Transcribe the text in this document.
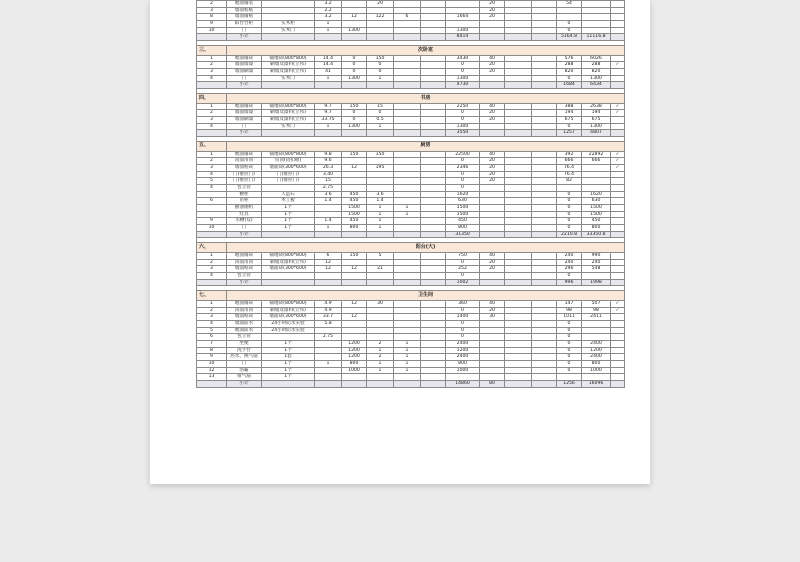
2	地面铺装		3.2		20				20			54		
3	墙面粘贴		2.2						20					
8	墙面铺贴		3.2	12	122	6		1664	20					
9	阳台台柜	实木柜	1									0		
10	门	实木门	1	1300				1300				0		
	小计							8414				5164.8	11116.8	

三、	次卧室													
1	地面铺砖	铺地砖(800*800)	14.4	0	150			3430	40			576	6026	
2	墙面墙漆	刷墙及漆料(立邦)	14.4	0	0			0	20			288	288	✓
3	墙面刷漆	刷墙及漆料(立邦)	41	0	0			0	20			820	820	
4	门	实木门	1	1300	1			1300				0	1300	
	小计							4730				1684	6434	

四、	书房													
1	地面铺砖	铺地砖(800*800)	9.7	150	15			2250	40			388	2638	✓
2	墙面墙漆	刷墙及漆料(立邦)	9.7	0	0			0	20			194	194	✓
3	墙面刷漆	刷墙及漆料(立邦)	33.75	0	0.5			0	20			675	675	
4	门	实木门	1	1300	1			1300				0	1300	
	小计							3550				1257	4807	

五、	厨房													
1	地面铺砖	铺地砖(800*800)	9.8	150	150			22500	40			392	22892	✓
2	顶面吊顶	吊顶(铝扣板)	9.6					0	20			666	666	✓
3	墙面贴砖	墙面砖(300*600)	26.3	12	195			2346	20			76.4		✓
4	门(推拉门)	门(推拉门)	3.40					0	20			76.4		
5	门(推拉门)	门(推拉门)	15					0	20			82		
4	包立管		2.75					0						
	橱柜	人造石	3.6	450	3.6			1620				0	1620	
6	吊柜	木工板	1.4	450	1.4			630				0	630	
	抽油烟机	1个		1500	1	1		1500				0	1500	
	灶具	1个		1500	1	1		1500				0	1500	
9	水槽(双)	1个	1.4	450	1			450				0	450	
10	门	1个	1	800	1			800				0	800	
	小计							31350				2210.8	33350.8	

六、	阳台(大)													
1	地面铺砖	铺地砖(800*800)	6	150	5			750	40			240	990	
2	顶面吊顶	刷墙及漆料(立邦)	12					0	20			240	240	
3	墙面贴砖	墙面砖(300*600)	12	12	21			252	20			296	548	
4	包立管							0				0		
	小计							1002				996	1998	

七、	卫生间													
1	地面铺砖	铺地砖(800*800)	4.9	12	30			360	40			147	507	✓
2	顶面吊顶	刷墙及漆料(立邦)	4.9					0	20			98	98	✓
3	墙面贴砖	墙面砖(300*600)	33.7	12				1400	30			1011	2411	
4	墙面防水	24小时防水实验	5.8					0				0		
5	地面防水	24小时防水实验						0				0		
6	包立管		2.75					0				0		
7	坐便	1个		1200	2	1		2400				0	2400	
8	洗手台	1个		1200	1	1		1200				0	1200	
9	热水、换气扇	1套		1200	2	1		2400				0	2400	
10	门	1个	1	800	1	1		800				0	800	
12	浴霸	1个		1000	1	1		1000				0	1000	
13	排气扇	1个												
	小计							14860	80			1256	16096	
